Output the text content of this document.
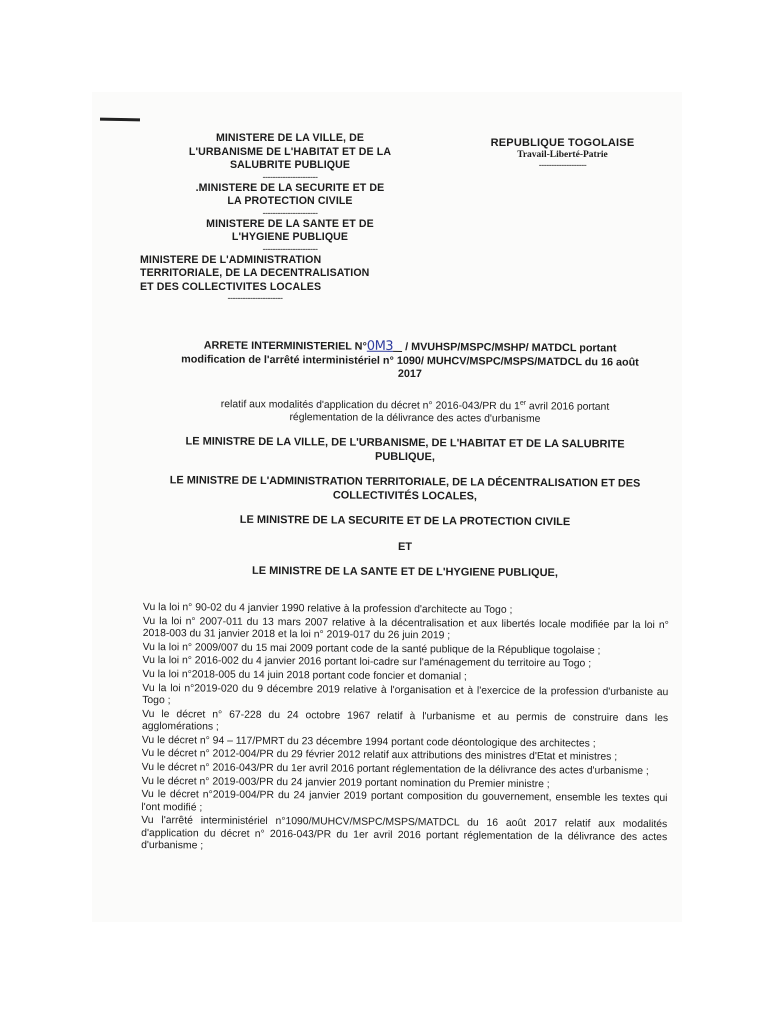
MINISTERE DE LA VILLE, DE
L'URBANISME DE L'HABITAT ET DE LA
SALUBRITE PUBLIQUE
----------------------
.MINISTERE DE LA SECURITE ET DE
LA PROTECTION CIVILE
----------------------
MINISTERE DE LA SANTE ET DE
L'HYGIENE PUBLIQUE
----------------------
MINISTERE DE L'ADMINISTRATION
TERRITORIALE, DE LA DECENTRALISATION
ET DES COLLECTIVITES LOCALES
----------------------
REPUBLIQUE TOGOLAISE
Travail-Liberté-Patrie
-------------------
ARRETE INTERMINISTERIEL N°0M3 / MVUHSP/MSPC/MSHP/ MATDCL portant
modification de l'arrêté interministériel n° 1090/ MUHCV/MSPC/MSPS/MATDCL du 16 août
2017
relatif aux modalités d'application du décret n° 2016-043/PR du 1er avril 2016 portant
réglementation de la délivrance des actes d'urbanisme
LE MINISTRE DE LA VILLE, DE L'URBANISME, DE L'HABITAT ET DE LA SALUBRITE
PUBLIQUE,
LE MINISTRE DE L'ADMINISTRATION TERRITORIALE, DE LA DÉCENTRALISATION ET DES
COLLECTIVITÉS LOCALES,
LE MINISTRE DE LA SECURITE ET DE LA PROTECTION CIVILE
ET
LE MINISTRE DE LA SANTE ET DE L'HYGIENE PUBLIQUE,

Vu la loi n° 90-02 du 4 janvier 1990 relative à la profession d'architecte au Togo ;

Vu la loi n° 2007-011 du 13 mars 2007 relative à la décentralisation et aux libertés locale modifiée par la loi n° 2018-003 du 31 janvier 2018 et la loi n° 2019-017 du 26 juin 2019 ;

Vu la loi n° 2009/007 du 15 mai 2009 portant code de la santé publique de la République togolaise ;

Vu la loi n° 2016-002 du 4 janvier 2016 portant loi-cadre sur l'aménagement du territoire au Togo ;

Vu la loi n°2018-005 du 14 juin 2018 portant code foncier et domanial ;

Vu la loi n°2019-020 du 9 décembre 2019 relative à l'organisation et à l'exercice de la profession d'urbaniste au Togo ;

Vu le décret n° 67-228 du 24 octobre 1967 relatif à l'urbanisme et au permis de construire dans les agglomérations ;

Vu le décret n° 94 – 117/PMRT du 23 décembre 1994 portant code déontologique des architectes ;

Vu le décret n° 2012-004/PR du 29 février 2012 relatif aux attributions des ministres d'Etat et ministres ;

Vu le décret n° 2016-043/PR du 1er avril 2016 portant réglementation de la délivrance des actes d'urbanisme ;

Vu le décret n° 2019-003/PR du 24 janvier 2019 portant nomination du Premier ministre ;

Vu le décret n°2019-004/PR du 24 janvier 2019 portant composition du gouvernement, ensemble les textes qui l'ont modifié ;

Vu l'arrêté interministériel n°1090/MUHCV/MSPC/MSPS/MATDCL du 16 août 2017 relatif aux modalités d'application du décret n° 2016-043/PR du 1er avril 2016 portant réglementation de la délivrance des actes d'urbanisme ;
